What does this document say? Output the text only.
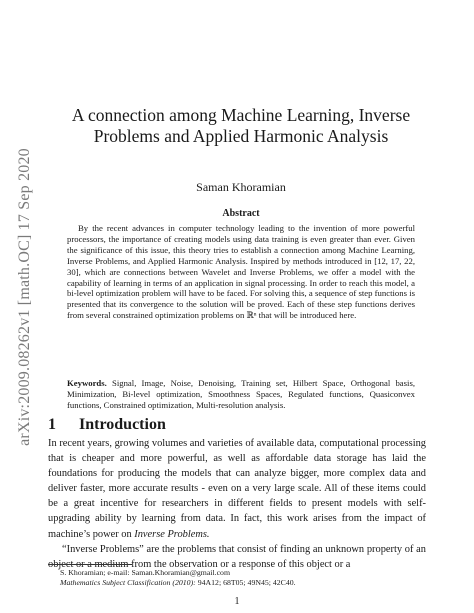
arXiv:2009.08262v1 [math.OC] 17 Sep 2020
A connection among Machine Learning, Inverse
Problems and Applied Harmonic Analysis
Saman Khoramian
Abstract

By the recent advances in computer technology leading to the invention of more powerful processors, the importance of creating models using data training is even greater than ever. Given the significance of this issue, this theory tries to establish a connection among Machine Learning, Inverse Problems, and Applied Harmonic Analysis. Inspired by methods introduced in [12, 17, 22, 30], which are connections between Wavelet and Inverse Problems, we offer a model with the capability of learning in terms of an application in signal processing. In order to reach this model, a bi-level optimization problem will have to be faced. For solving this, a sequence of step functions is presented that its convergence to the solution will be proved. Each of these step functions derives from several constrained optimization problems on ℝⁿ that will be introduced here.

Keywords. Signal, Image, Noise, Denoising, Training set, Hilbert Space, Orthogonal basis, Minimization, Bi-level optimization, Smoothness Spaces, Regulated functions, Quasiconvex functions, Constrained optimization, Multi-resolution analysis.
1 Introduction

In recent years, growing volumes and varieties of available data, computational processing that is cheaper and more powerful, as well as affordable data storage has laid the foundations for producing the models that can analyze bigger, more complex data and deliver faster, more accurate results - even on a very large scale. All of these items could be a great incentive for researchers in different fields to present models with self-upgrading ability by learning from data. In fact, this work arises from the impact of machine’s power on Inverse Problems.

“Inverse Problems” are the problems that consist of finding an unknown property of an object or a medium from the observation or a response of this object or a

S. Khoramian; e-mail: Saman.Khoramian@gmail.com
Mathematics Subject Classification (2010): 94A12; 68T05; 49N45; 42C40.
1
